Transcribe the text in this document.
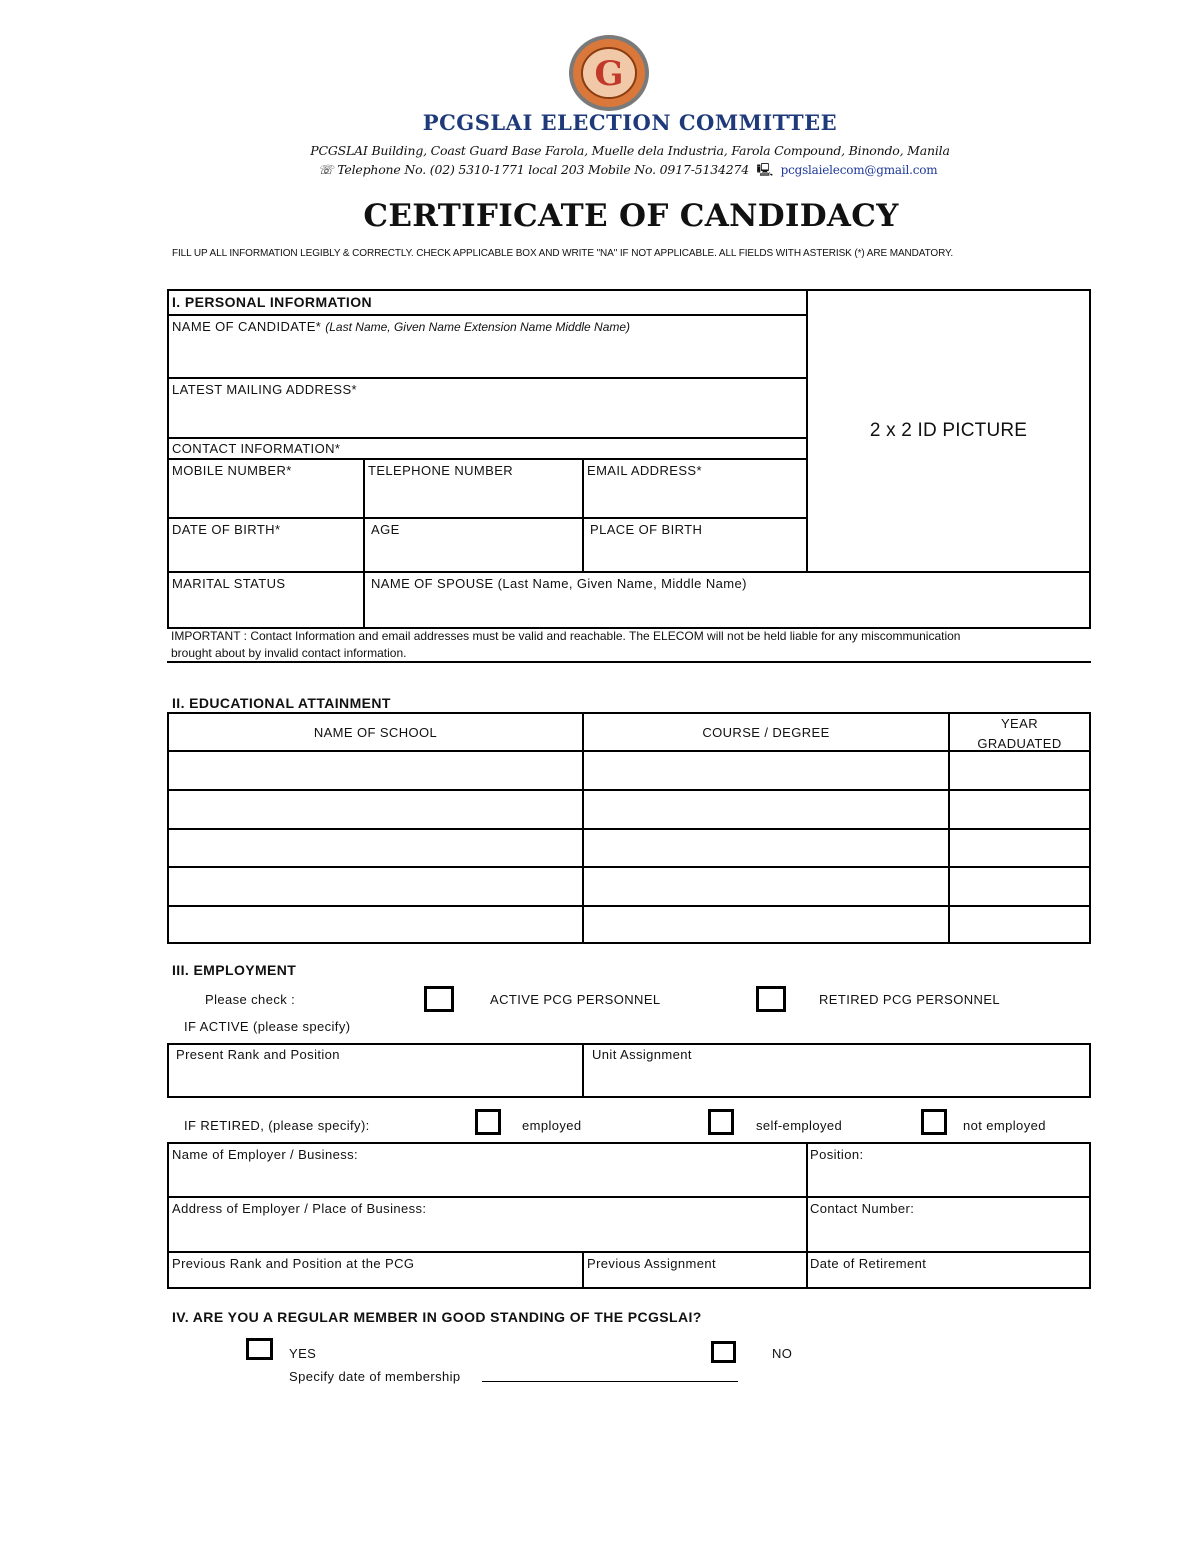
G
PCGSLAI ELECTION COMMITTEE
PCGSLAI Building, Coast Guard Base Farola, Muelle dela Industria, Farola Compound, Binondo, Manila
☏ Telephone No. (02) 5310-1771 local 203 Mobile No. 0917-5134274  🖳  pcgslaielecom@gmail.com
CERTIFICATE OF CANDIDACY
FILL UP ALL INFORMATION LEGIBLY & CORRECTLY. CHECK APPLICABLE BOX AND WRITE "NA" IF NOT APPLICABLE. ALL FIELDS WITH ASTERISK (*) ARE MANDATORY.
I. PERSONAL INFORMATION
NAME OF CANDIDATE* (Last Name, Given Name Extension Name Middle Name)
LATEST MAILING ADDRESS*
CONTACT INFORMATION*
MOBILE NUMBER*	TELEPHONE NUMBER	EMAIL ADDRESS*
DATE OF BIRTH*	AGE	PLACE OF BIRTH
MARITAL STATUS	NAME OF SPOUSE (Last Name, Given Name, Middle Name)
2 x 2 ID PICTURE
IMPORTANT : Contact Information and email addresses must be valid and reachable. The ELECOM will not be held liable for any miscommunication
brought about by invalid contact information.
II. EDUCATIONAL ATTAINMENT
NAME OF SCHOOL	COURSE / DEGREE
YEAR
GRADUATED
III. EMPLOYMENT
Please check :	ACTIVE PCG PERSONNEL	RETIRED PCG PERSONNEL
IF ACTIVE (please specify)
Present Rank and Position	Unit Assignment
IF RETIRED, (please specify):	employed	self-employed	not employed
Name of Employer / Business:	Position:
Address of Employer / Place of Business:	Contact Number:
Previous Rank and Position at the PCG	Previous Assignment	Date of Retirement
IV. ARE YOU A REGULAR MEMBER IN GOOD STANDING OF THE PCGSLAI?
YES	NO
Specify date of membership
